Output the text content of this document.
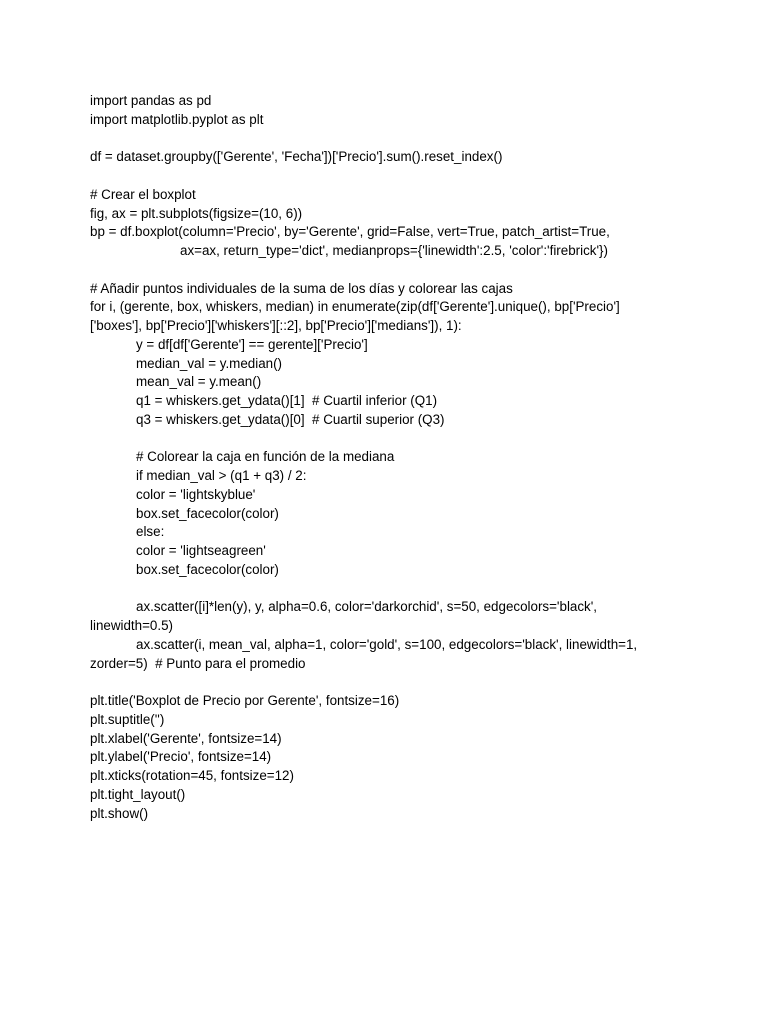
import pandas as pd
import matplotlib.pyplot as plt
df = dataset.groupby(['Gerente', 'Fecha'])['Precio'].sum().reset_index()
# Crear el boxplot
fig, ax = plt.subplots(figsize=(10, 6))
bp = df.boxplot(column='Precio', by='Gerente', grid=False, vert=True, patch_artist=True,
ax=ax, return_type='dict', medianprops={'linewidth':2.5, 'color':'firebrick'})
# Añadir puntos individuales de la suma de los días y colorear las cajas
for i, (gerente, box, whiskers, median) in enumerate(zip(df['Gerente'].unique(), bp['Precio']
['boxes'], bp['Precio']['whiskers'][::2], bp['Precio']['medians']), 1):
y = df[df['Gerente'] == gerente]['Precio']
median_val = y.median()
mean_val = y.mean()
q1 = whiskers.get_ydata()[1]  # Cuartil inferior (Q1)
q3 = whiskers.get_ydata()[0]  # Cuartil superior (Q3)
# Colorear la caja en función de la mediana
if median_val > (q1 + q3) / 2:
color = 'lightskyblue'
box.set_facecolor(color)
else:
color = 'lightseagreen'
box.set_facecolor(color)
ax.scatter([i]*len(y), y, alpha=0.6, color='darkorchid', s=50, edgecolors='black',
linewidth=0.5)
ax.scatter(i, mean_val, alpha=1, color='gold', s=100, edgecolors='black', linewidth=1,
zorder=5)  # Punto para el promedio
plt.title('Boxplot de Precio por Gerente', fontsize=16)
plt.suptitle('')
plt.xlabel('Gerente', fontsize=14)
plt.ylabel('Precio', fontsize=14)
plt.xticks(rotation=45, fontsize=12)
plt.tight_layout()
plt.show()
